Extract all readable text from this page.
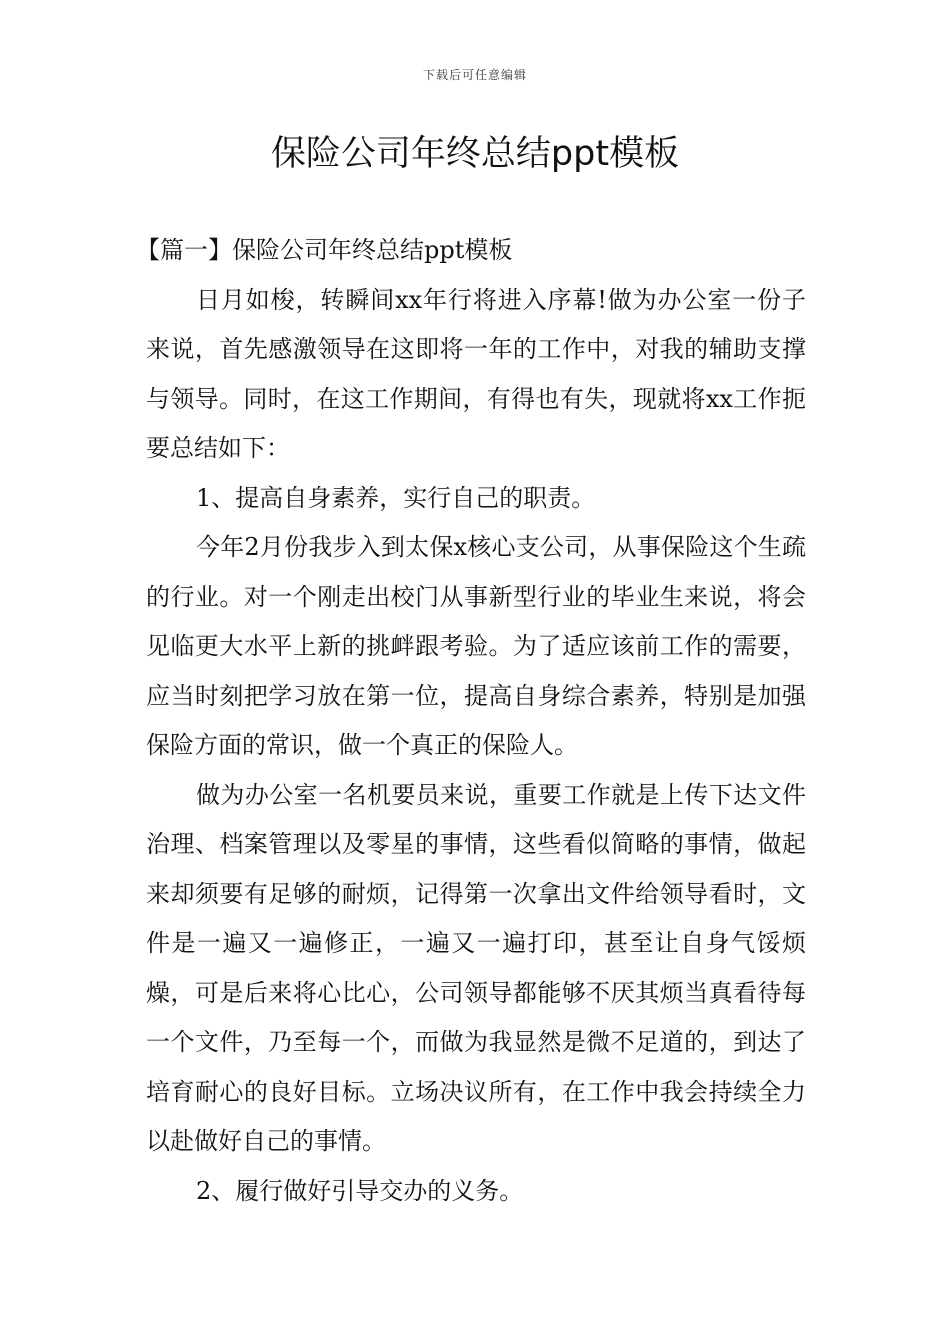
下载后可任意编辑
保险公司年终总结ppt模板

【篇一】保险公司年终总结ppt模板

日月如梭，转瞬间xx年行将进入序幕!做为办公室一份子来说，首先感激领导在这即将一年的工作中，对我的辅助支撑与领导。同时，在这工作期间，有得也有失，现就将xx工作扼要总结如下：

1、提高自身素养，实行自己的职责。

今年2月份我步入到太保x核心支公司，从事保险这个生疏的行业。对一个刚走出校门从事新型行业的毕业生来说，将会见临更大水平上新的挑衅跟考验。为了适应该前工作的需要，应当时刻把学习放在第一位，提高自身综合素养，特别是加强保险方面的常识，做一个真正的保险人。

做为办公室一名机要员来说，重要工作就是上传下达文件治理、档案管理以及零星的事情，这些看似简略的事情，做起来却须要有足够的耐烦，记得第一次拿出文件给领导看时，文件是一遍又一遍修正，一遍又一遍打印，甚至让自身气馁烦燥，可是后来将心比心，公司领导都能够不厌其烦当真看待每一个文件，乃至每一个，而做为我显然是微不足道的，到达了培育耐心的良好目标。立场决议所有，在工作中我会持续全力以赴做好自己的事情。

2、履行做好引导交办的义务。
